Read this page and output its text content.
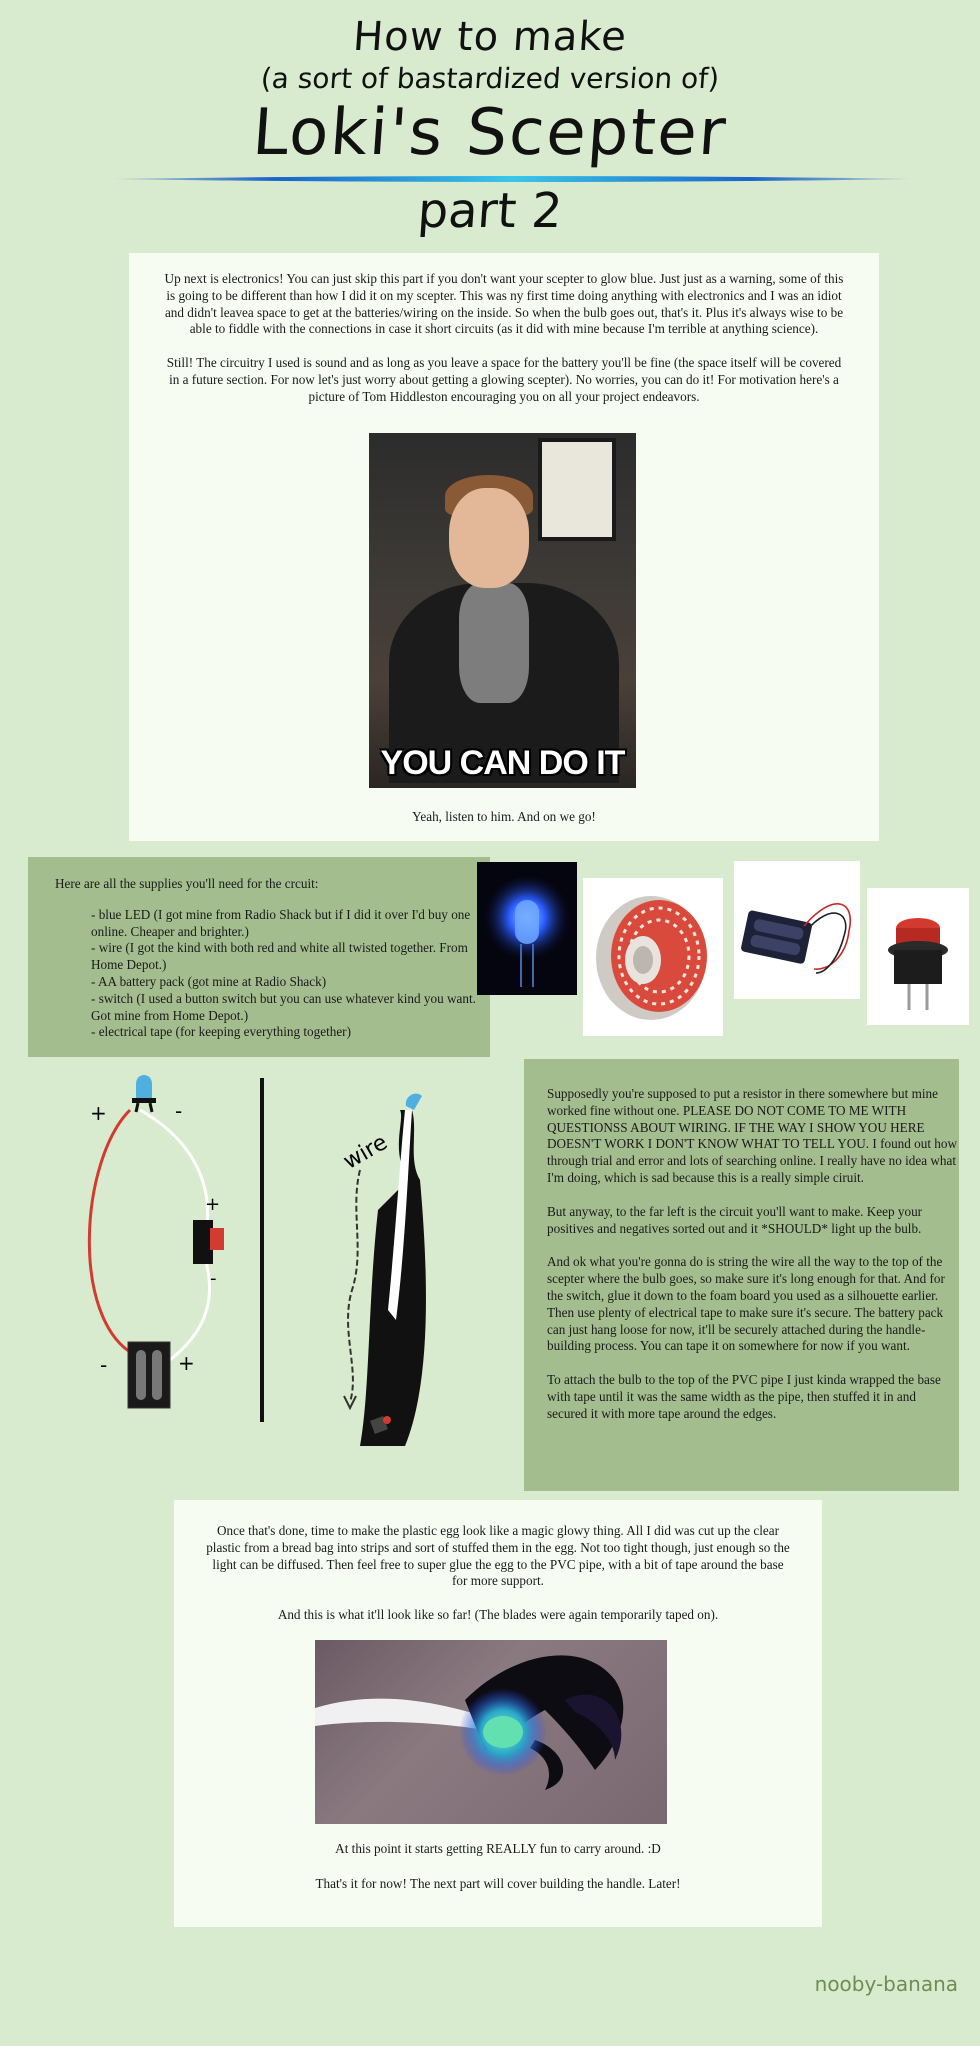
How to make
(a sort of bastardized version of)
Loki's Scepter
part 2

Up next is electronics! You can just skip this part if you don't want your scepter to glow blue. Just just as a warning, some of this is going to be different than how I did it on my scepter. This was ny first time doing anything with electronics and I was an idiot and didn't leavea space to get at the batteries/wiring on the inside. So when the bulb goes out, that's it. Plus it's always wise to be able to fiddle with the connections in case it short circuits (as it did with mine because I'm terrible at anything science).

Still! The circuitry I used is sound and as long as you leave a space for the battery you'll be fine (the space itself will be covered in a future section. For now let's just worry about getting a glowing scepter). No worries, you can do it! For motivation here's a picture of Tom Hiddleston encouraging you on all your project endeavors.

YOU CAN DO IT
Yeah, listen to him. And on we go!

Here are all the supplies you'll need for the crcuit:

- blue LED (I got mine from Radio Shack but if I did it over I'd buy one online. Cheaper and brighter.)
- wire (I got the kind with both red and white all twisted together. From Home Depot.)
- AA battery pack (got mine at Radio Shack)
- switch (I used a button switch but you can use whatever kind you want. Got mine from Home Depot.)
- electrical tape (for keeping everything together)
+	-
+
-
-	+
wire

Supposedly you're supposed to put a resistor in there somewhere but mine worked fine without one. PLEASE DO NOT COME TO ME WITH QUESTIONSS ABOUT WIRING. IF THE WAY I SHOW YOU HERE DOESN'T WORK I DON'T KNOW WHAT TO TELL YOU. I found out how through trial and error and lots of searching online. I really have no idea what I'm doing, which is sad because this is a really simple ciruit.

But anyway, to the far left is the circuit you'll want to make. Keep your positives and negatives sorted out and it *SHOULD* light up the bulb.

And ok what you're gonna do is string the wire all the way to the top of the scepter where the bulb goes, so make sure it's long enough for that. And for the switch, glue it down to the foam board you used as a silhouette earlier. Then use plenty of electrical tape to make sure it's secure. The battery pack can just hang loose for now, it'll be securely attached during the handle-building process. You can tape it on somewhere for now if you want.

To attach the bulb to the top of the PVC pipe I just kinda wrapped the base with tape until it was the same width as the pipe, then stuffed it in and secured it with more tape around the edges.

Once that's done, time to make the plastic egg look like a magic glowy thing. All I did was cut up the clear plastic from a bread bag into strips and sort of stuffed them in the egg. Not too tight though, just enough so the light can be diffused. Then feel free to super glue the egg to the PVC pipe, with a bit of tape around the base for more support.

And this is what it'll look like so far! (The blades were again temporarily taped on).

At this point it starts getting REALLY fun to carry around. :D

That's it for now! The next part will cover building the handle. Later!

nooby-banana
